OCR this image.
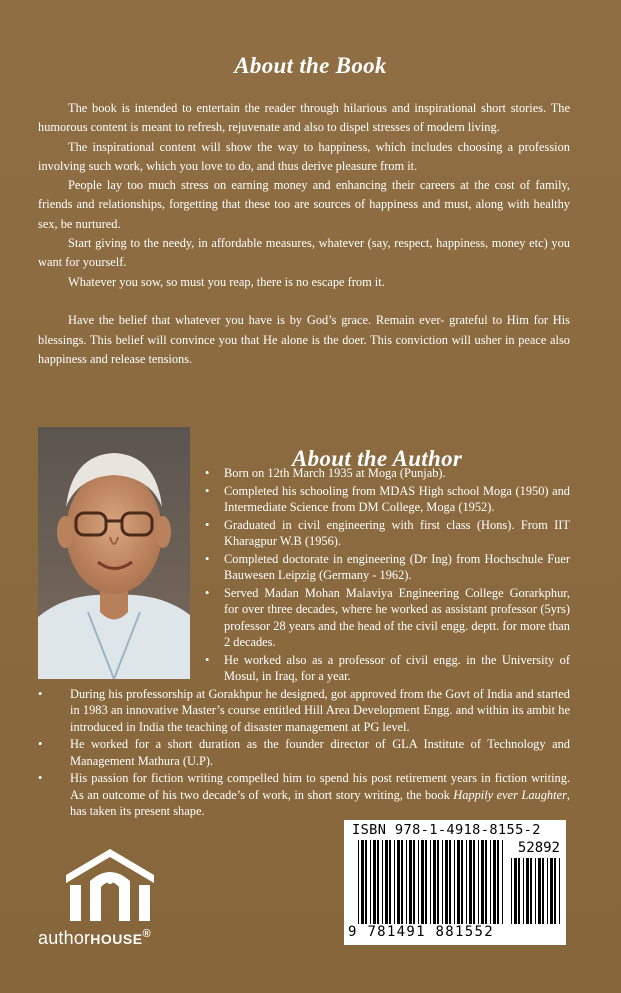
About the Book

The book is intended to entertain the reader through hilarious and inspirational short stories. The humorous content is meant to refresh, rejuvenate and also to dispel stresses of modern living.

The inspirational content will show the way to happiness, which includes choosing a profession involving such work, which you love to do, and thus derive pleasure from it.

People lay too much stress on earning money and enhancing their careers at the cost of family, friends and relationships, forgetting that these too are sources of happiness and must, along with healthy sex, be nurtured.

Start giving to the needy, in affordable measures, whatever (say, respect, happiness, money etc) you want for yourself.

Whatever you sow, so must you reap, there is no escape from it.

Have the belief that whatever you have is by God’s grace. Remain ever- grateful to Him for His blessings. This belief will convince you that He alone is the doer. This conviction will usher in peace also happiness and release tensions.

About the Author
• Born on 12th March 1935 at Moga (Punjab).
• Completed his schooling from MDAS High school Moga (1950) and Intermediate Science from DM College, Moga (1952).
• Graduated in civil engineering with first class (Hons). From IIT Kharagpur W.B (1956).
• Completed doctorate in engineering (Dr Ing) from Hochschule Fuer Bauwesen Leipzig (Germany - 1962).
• Served Madan Mohan Malaviya Engineering College Gorarkphur, for over three decades, where he worked as assistant professor (5yrs) professor 28 years and the head of the civil engg. deptt. for more than 2 decades.
• He worked also as a professor of civil engg. in the University of Mosul, in Iraq, for a year.
• During his professorship at Gorakhpur he designed, got approved from the Govt of India and started in 1983 an innovative Master’s course entitled Hill Area Development Engg. and within its ambit he introduced in India the teaching of disaster management at PG level.
• He worked for a short duration as the founder director of GLA Institute of Technology and Management Mathura (U.P).
• His passion for fiction writing compelled him to spend his post retirement years in fiction writing. As an outcome of his two decade’s of work, in short story writing, the book Happily ever Laughter, has taken its present shape.
authorHOUSE®
ISBN 978-1-4918-8155-2
52892
9 781491 881552
